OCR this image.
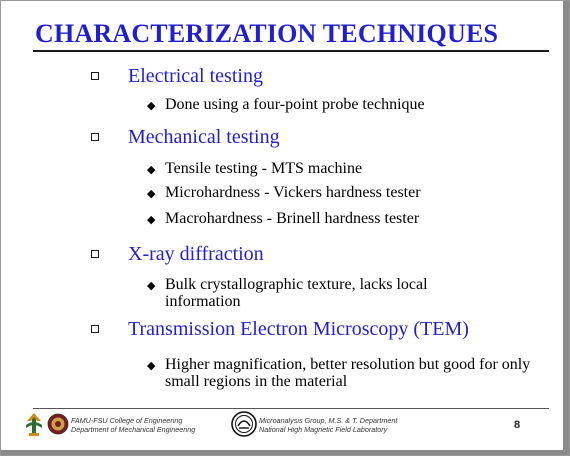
CHARACTERIZATION TECHNIQUES
Electrical testing
◆ Done using a four-point probe technique
Mechanical testing
◆ Tensile testing - MTS machine
◆ Microhardness - Vickers hardness tester
◆ Macrohardness - Brinell hardness tester
X-ray diffraction
◆ Bulk crystallographic texture, lacks local information
Transmission Electron Microscopy (TEM)
◆ Higher magnification, better resolution but good for only small regions in the material
FAMU-FSU College of Engineering
Department of Mechanical Engineering
Microanalysis Group, M.S. & T. Department
National High Magnetic Field Laboratory	8
